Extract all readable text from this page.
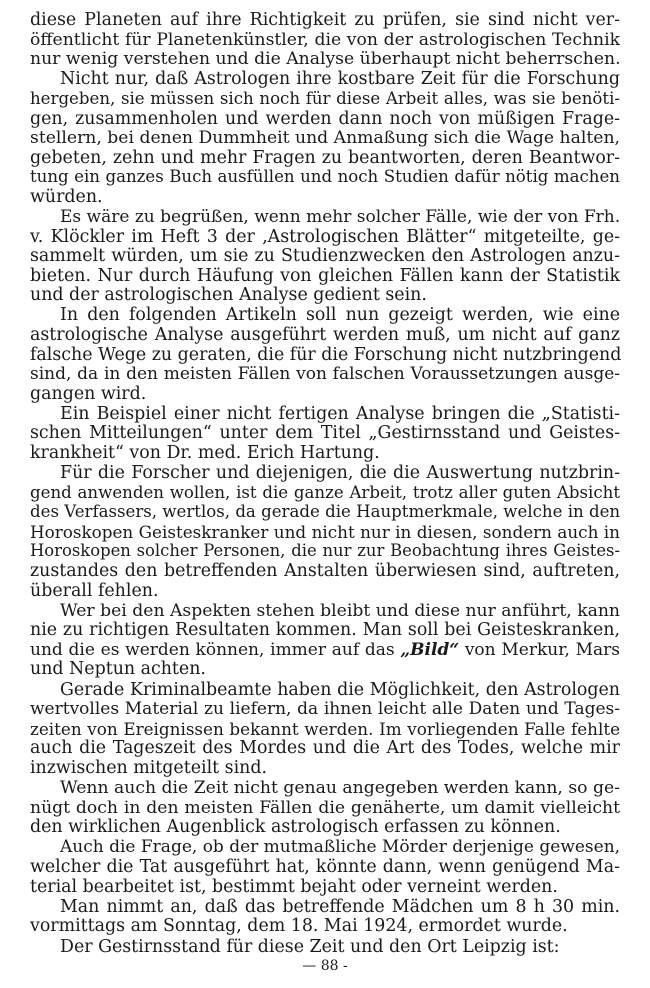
diese Planeten auf ihre Richtigkeit zu prüfen, sie sind nicht ver-
öffentlicht für Planetenkünstler, die von der astrologischen Technik
nur wenig verstehen und die Analyse überhaupt nicht beherrschen.
Nicht nur, daß Astrologen ihre kostbare Zeit für die Forschung
hergeben, sie müssen sich noch für diese Arbeit alles, was sie benöti-
gen, zusammenholen und werden dann noch von müßigen Frage-
stellern, bei denen Dummheit und Anmaßung sich die Wage halten,
gebeten, zehn und mehr Fragen zu beantworten, deren Beantwor-
tung ein ganzes Buch ausfüllen und noch Studien dafür nötig machen
würden.
Es wäre zu begrüßen, wenn mehr solcher Fälle, wie der von Frh.
v. Klöckler im Heft 3 der ‚Astrologischen Blätter“ mitgeteilte, ge-
sammelt würden, um sie zu Studienzwecken den Astrologen anzu-
bieten. Nur durch Häufung von gleichen Fällen kann der Statistik
und der astrologischen Analyse gedient sein.
In den folgenden Artikeln soll nun gezeigt werden, wie eine
astrologische Analyse ausgeführt werden muß, um nicht auf ganz
falsche Wege zu geraten, die für die Forschung nicht nutzbringend
sind, da in den meisten Fällen von falschen Voraussetzungen ausge-
gangen wird.
Ein Beispiel einer nicht fertigen Analyse bringen die „Statisti-
schen Mitteilungen“ unter dem Titel „Gestirnsstand und Geistes-
krankheit“ von Dr. med. Erich Hartung.
Für die Forscher und diejenigen, die die Auswertung nutzbrin-
gend anwenden wollen, ist die ganze Arbeit, trotz aller guten Absicht
des Verfassers, wertlos, da gerade die Hauptmerkmale, welche in den
Horoskopen Geisteskranker und nicht nur in diesen, sondern auch in
Horoskopen solcher Personen, die nur zur Beobachtung ihres Geistes-
zustandes den betreffenden Anstalten überwiesen sind, auftreten,
überall fehlen.
Wer bei den Aspekten stehen bleibt und diese nur anführt, kann
nie zu richtigen Resultaten kommen. Man soll bei Geisteskranken,
und die es werden können, immer auf das „Bild“ von Merkur, Mars
und Neptun achten.
Gerade Kriminalbeamte haben die Möglichkeit, den Astrologen
wertvolles Material zu liefern, da ihnen leicht alle Daten und Tages-
zeiten von Ereignissen bekannt werden. Im vorliegenden Falle fehlte
auch die Tageszeit des Mordes und die Art des Todes, welche mir
inzwischen mitgeteilt sind.
Wenn auch die Zeit nicht genau angegeben werden kann, so ge-
nügt doch in den meisten Fällen die genäherte, um damit vielleicht
den wirklichen Augenblick astrologisch erfassen zu können.
Auch die Frage, ob der mutmaßliche Mörder derjenige gewesen,
welcher die Tat ausgeführt hat, könnte dann, wenn genügend Ma-
terial bearbeitet ist, bestimmt bejaht oder verneint werden.
Man nimmt an, daß das betreffende Mädchen um 8 h 30 min.
vormittags am Sonntag, dem 18. Mai 1924, ermordet wurde.
Der Gestirnsstand für diese Zeit und den Ort Leipzig ist:
— 88 -
